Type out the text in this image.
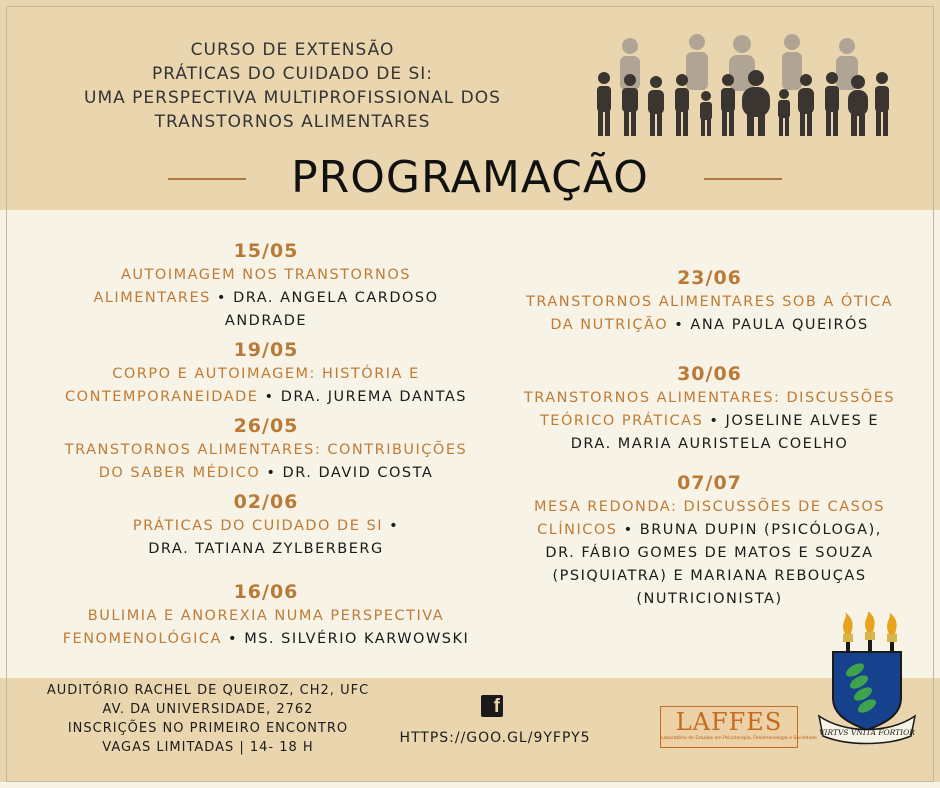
CURSO DE EXTENSÃO
PRÁTICAS DO CUIDADO DE SI:
UMA PERSPECTIVA MULTIPROFISSIONAL DOS
TRANSTORNOS ALIMENTARES
PROGRAMAÇÃO
15/05
AUTOIMAGEM NOS TRANSTORNOS
ALIMENTARES • DRA. ANGELA CARDOSO
ANDRADE
19/05
CORPO E AUTOIMAGEM: HISTÓRIA E
CONTEMPORANEIDADE • DRA. JUREMA DANTAS
26/05
TRANSTORNOS ALIMENTARES: CONTRIBUIÇÕES
DO SABER MÉDICO • DR. DAVID COSTA
02/06
PRÁTICAS DO CUIDADO DE SI •
DRA. TATIANA ZYLBERBERG
16/06
BULIMIA E ANOREXIA NUMA PERSPECTIVA
FENOMENOLÓGICA • MS. SILVÉRIO KARWOWSKI
23/06
TRANSTORNOS ALIMENTARES SOB A ÓTICA
DA NUTRIÇÃO • ANA PAULA QUEIRÓS
30/06
TRANSTORNOS ALIMENTARES: DISCUSSÕES
TEÓRICO PRÁTICAS • JOSELINE ALVES E
DRA. MARIA AURISTELA COELHO
07/07
MESA REDONDA: DISCUSSÕES DE CASOS
CLÍNICOS • BRUNA DUPIN (PSICÓLOGA),
DR. FÁBIO GOMES DE MATOS E SOUZA
(PSIQUIATRA) E MARIANA REBOUÇAS
(NUTRICIONISTA)
AUDITÓRIO RACHEL DE QUEIROZ, CH2, UFC
AV. DA UNIVERSIDADE, 2762
INSCRIÇÕES NO PRIMEIRO ENCONTRO
VAGAS LIMITADAS | 14- 18 H
f
HTTPS://GOO.GL/9YFPY5
LAFFES
Laboratório de Estudos em Psicoterapia, Fenomenologia e Sociedade
VIRTVS VNITA FORTIOR
